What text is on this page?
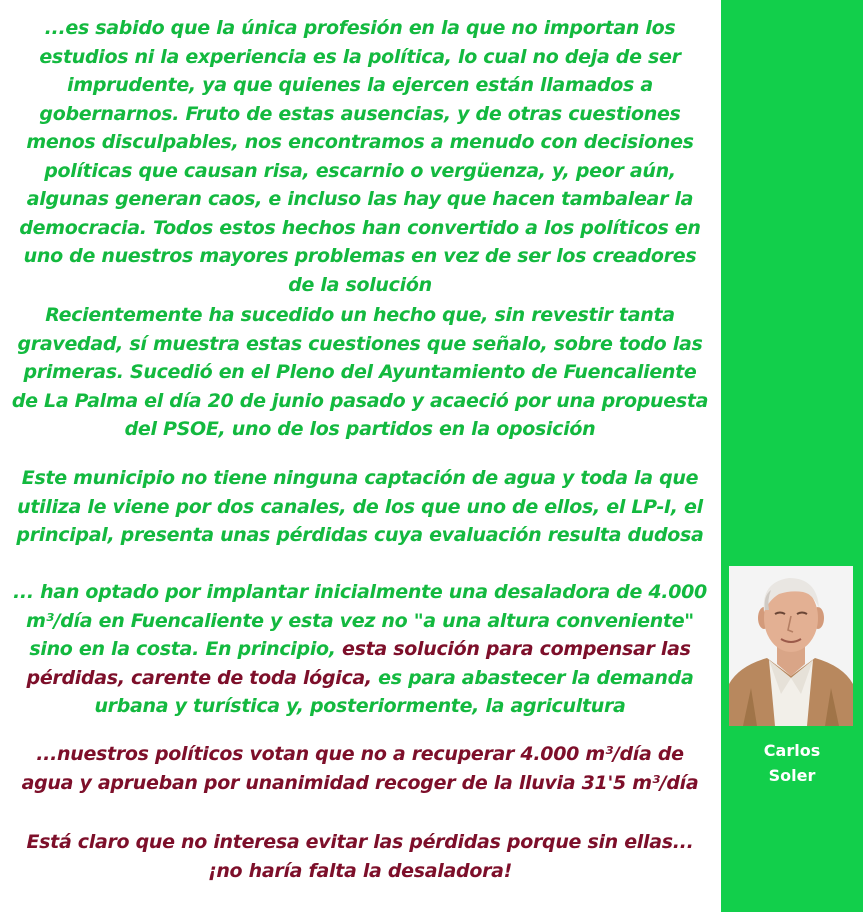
...es sabido que la única profesión en la que no importan los estudios ni la experiencia es la política, lo cual no deja de ser imprudente, ya que quienes la ejercen están llamados a gobernarnos. Fruto de estas ausencias, y de otras cuestiones menos disculpables, nos encontramos a menudo con decisiones políticas que causan risa, escarnio o vergüenza, y, peor aún, algunas generan caos, e incluso las hay que hacen tambalear la democracia. Todos estos hechos han convertido a los políticos en uno de nuestros mayores problemas en vez de ser los creadores de la solución

Recientemente ha sucedido un hecho que, sin revestir tanta gravedad, sí muestra estas cuestiones que señalo, sobre todo las primeras. Sucedió en el Pleno del Ayuntamiento de Fuencaliente de La Palma el día 20 de junio pasado y acaeció por una propuesta del PSOE, uno de los partidos en la oposición

Este municipio no tiene ninguna captación de agua y toda la que utiliza le viene por dos canales, de los que uno de ellos, el LP-I, el principal, presenta unas pérdidas cuya evaluación resulta dudosa

... han optado por implantar inicialmente una desaladora de 4.000 m³/día en Fuencaliente y esta vez no "a una altura conveniente" sino en la costa. En principio, esta solución para compensar las pérdidas, carente de toda lógica, es para abastecer la demanda urbana y turística y, posteriormente, la agricultura

...nuestros políticos votan que no a recuperar 4.000 m³/día de agua y aprueban por unanimidad recoger de la lluvia 31'5 m³/día

Está claro que no interesa evitar las pérdidas porque sin ellas...
¡no haría falta la desaladora!

Carlos
Soler
